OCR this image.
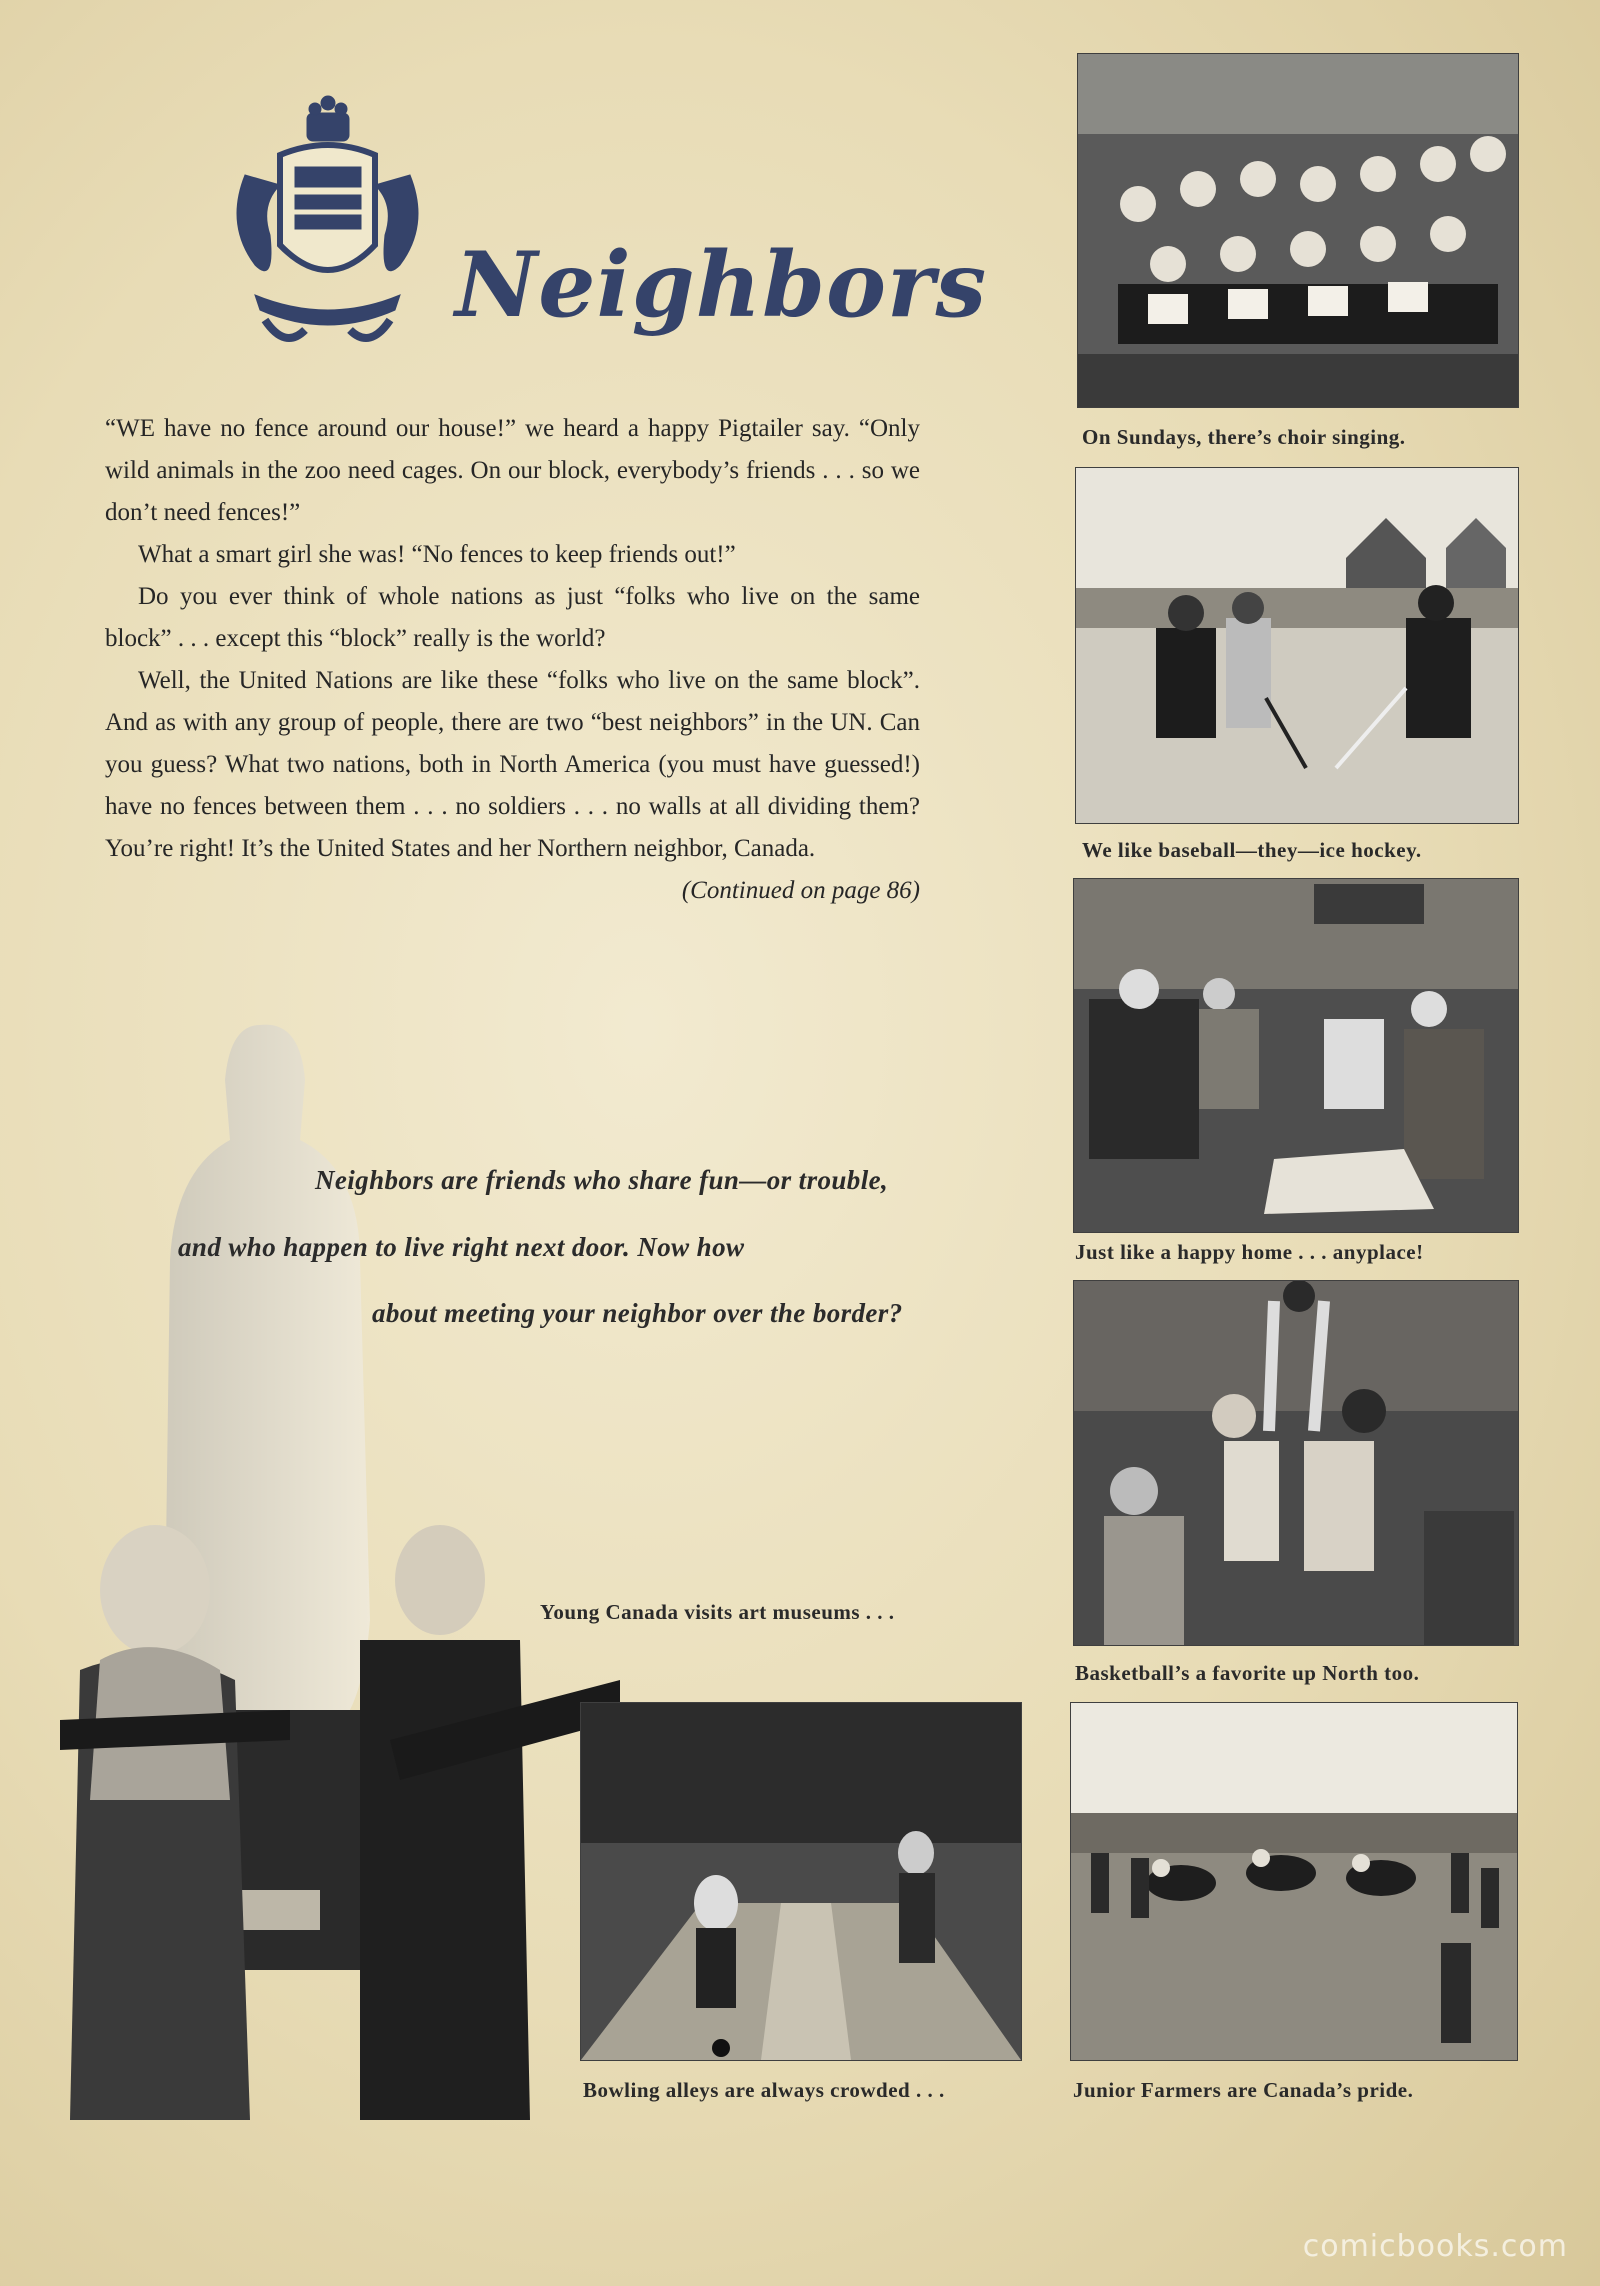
Neighbors

“WE have no fence around our house!” we heard a happy Pigtailer say. “Only wild animals in the zoo need cages. On our block, everybody’s friends . . . so we don’t need fences!”

What a smart girl she was! “No fences to keep friends out!”

Do you ever think of whole nations as just “folks who live on the same block” . . . except this “block” really is the world?

Well, the United Nations are like these “folks who live on the same block”. And as with any group of people, there are two “best neighbors” in the UN. Can you guess? What two nations, both in North America (you must have guessed!) have no fences between them . . . no soldiers . . . no walls at all dividing them? You’re right! It’s the United States and her Northern neighbor, Canada.

(Continued on page 86)
Neighbors are friends who share fun—or trouble,
and who happen to live right next door. Now how
about meeting your neighbor over the border?
Young Canada visits art museums . . .
Bowling alleys are always crowded . . .
On Sundays, there’s choir singing.
We like baseball—they—ice hockey.
Just like a happy home . . . anyplace!
Basketball’s a favorite up North too.
Junior Farmers are Canada’s pride.
comicbooks.com
